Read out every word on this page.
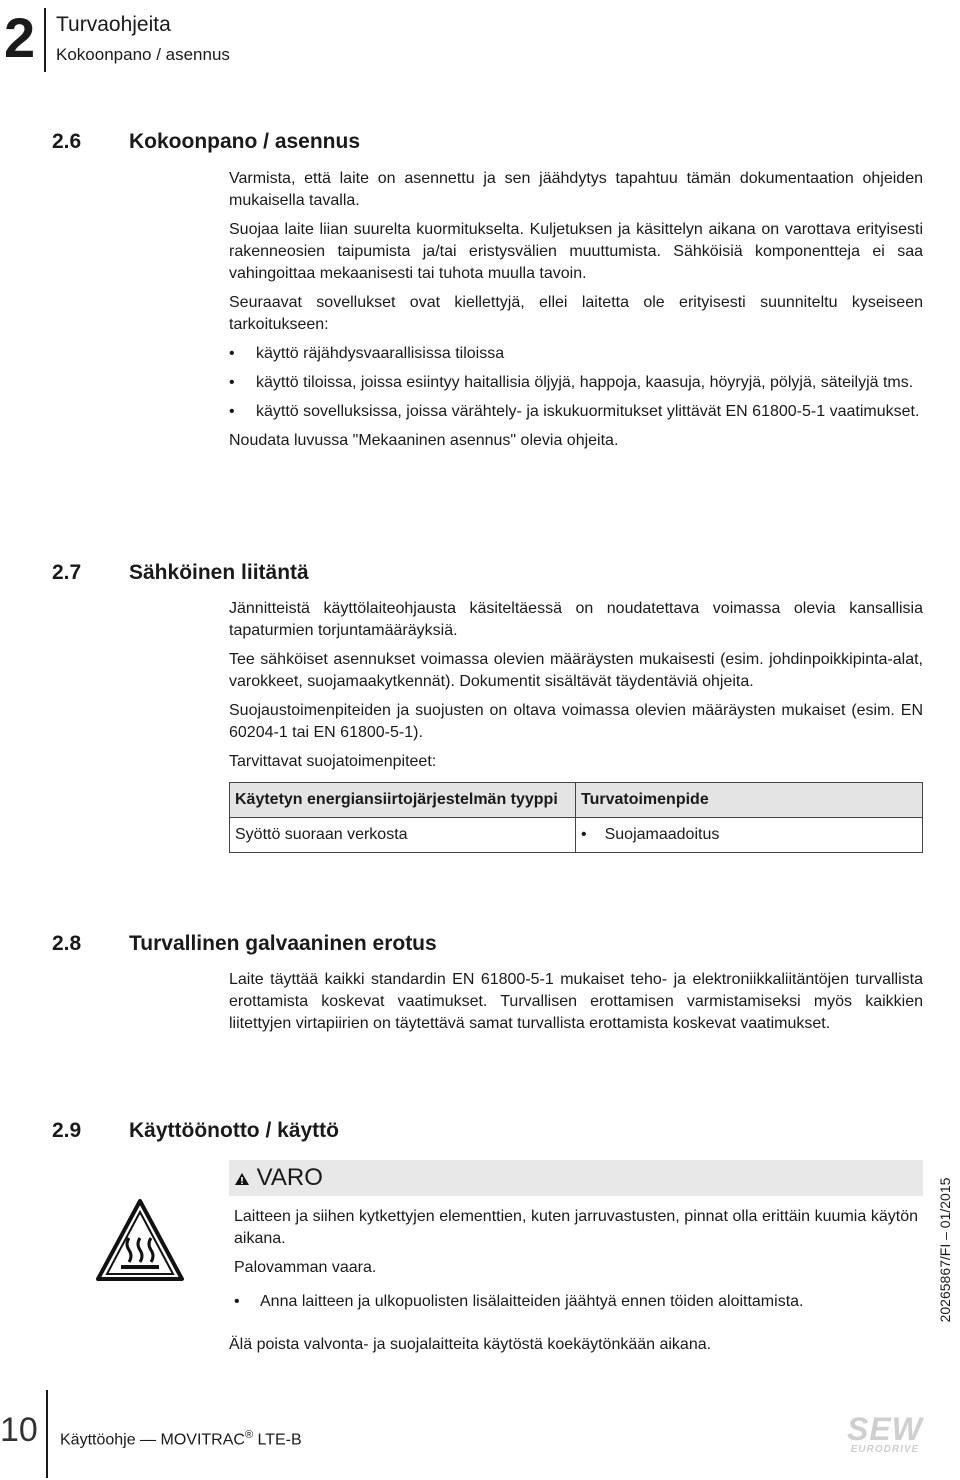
2 Turvaohjeita
Kokoonpano / asennus
2.6 Kokoonpano / asennus

Varmista, että laite on asennettu ja sen jäähdytys tapahtuu tämän dokumentaation ohjeiden mukaisella tavalla.

Suojaa laite liian suurelta kuormitukselta. Kuljetuksen ja käsittelyn aikana on varottava erityisesti rakenneosien taipumista ja/tai eristysvälien muuttumista. Sähköisiä komponentteja ei saa vahingoittaa mekaanisesti tai tuhota muulla tavoin.

Seuraavat sovellukset ovat kiellettyjä, ellei laitetta ole erityisesti suunniteltu kyseiseen tarkoitukseen:

• käyttö räjähdysvaarallisissa tiloissa
• käyttö tiloissa, joissa esiintyy haitallisia öljyjä, happoja, kaasuja, höyryjä, pölyjä, säteilyjä tms.
• käyttö sovelluksissa, joissa värähtely- ja iskukuormitukset ylittävät EN 61800-5-1 vaatimukset.

Noudata luvussa "Mekaaninen asennus" olevia ohjeita.

2.7 Sähköinen liitäntä

Jännitteistä käyttölaiteohjausta käsiteltäessä on noudatettava voimassa olevia kansallisia tapaturmien torjuntamääräyksiä.

Tee sähköiset asennukset voimassa olevien määräysten mukaisesti (esim. johdinpoikkipinta-alat, varokkeet, suojamaakytkennät). Dokumentit sisältävät täydentäviä ohjeita.

Suojaustoimenpiteiden ja suojusten on oltava voimassa olevien määräysten mukaiset (esim. EN 60204-1 tai EN 61800-5-1).

Tarvittavat suojatoimenpiteet:

Käytetyn energiansiirtojärjestelmän tyyppi	Turvatoimenpide
Syöttö suoraan verkosta	• Suojamaadoitus
2.8 Turvallinen galvaaninen erotus

Laite täyttää kaikki standardin EN 61800-5-1 mukaiset teho- ja elektroniikkaliitäntöjen turvallista erottamista koskevat vaatimukset. Turvallisen erottamisen varmistamiseksi myös kaikkien liitettyjen virtapiirien on täytettävä samat turvallista erottamista koskevat vaatimukset.

2.9 Käyttöönotto / käyttö
VARO

Laitteen ja siihen kytkettyjen elementtien, kuten jarruvastusten, pinnat olla erittäin kuumia käytön aikana.

Palovamman vaara.

• Anna laitteen ja ulkopuolisten lisälaitteiden jäähtyä ennen töiden aloittamista.

Älä poista valvonta- ja suojalaitteita käytöstä koekäytönkään aikana.

20265867/FI – 01/2015
10 Käyttöohje — MOVITRAC® LTE-B	SEW
EURODRIVE
